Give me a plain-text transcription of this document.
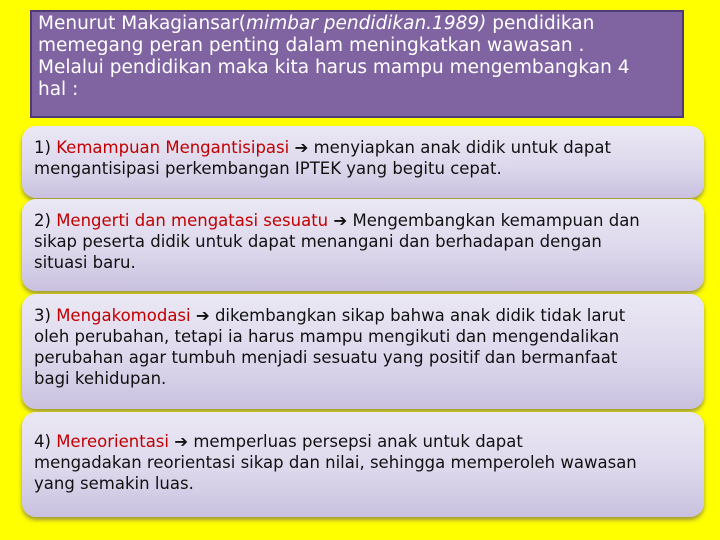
Menurut Makagiansar(mimbar pendidikan.1989) pendidikan
memegang peran penting dalam meningkatkan wawasan .
Melalui pendidikan maka kita harus mampu mengembangkan 4
hal :
1) Kemampuan Mengantisipasi ➔ menyiapkan anak didik untuk dapat
mengantisipasi perkembangan IPTEK yang begitu cepat.
2) Mengerti dan mengatasi sesuatu ➔ Mengembangkan kemampuan dan
sikap peserta didik untuk dapat menangani dan berhadapan dengan
situasi baru.
3) Mengakomodasi ➔ dikembangkan sikap bahwa anak didik tidak larut
oleh perubahan, tetapi ia harus mampu mengikuti dan mengendalikan
perubahan agar tumbuh menjadi sesuatu yang positif dan bermanfaat
bagi kehidupan.
4) Mereorientasi ➔ memperluas persepsi anak untuk dapat
mengadakan reorientasi sikap dan nilai, sehingga memperoleh wawasan
yang semakin luas.
